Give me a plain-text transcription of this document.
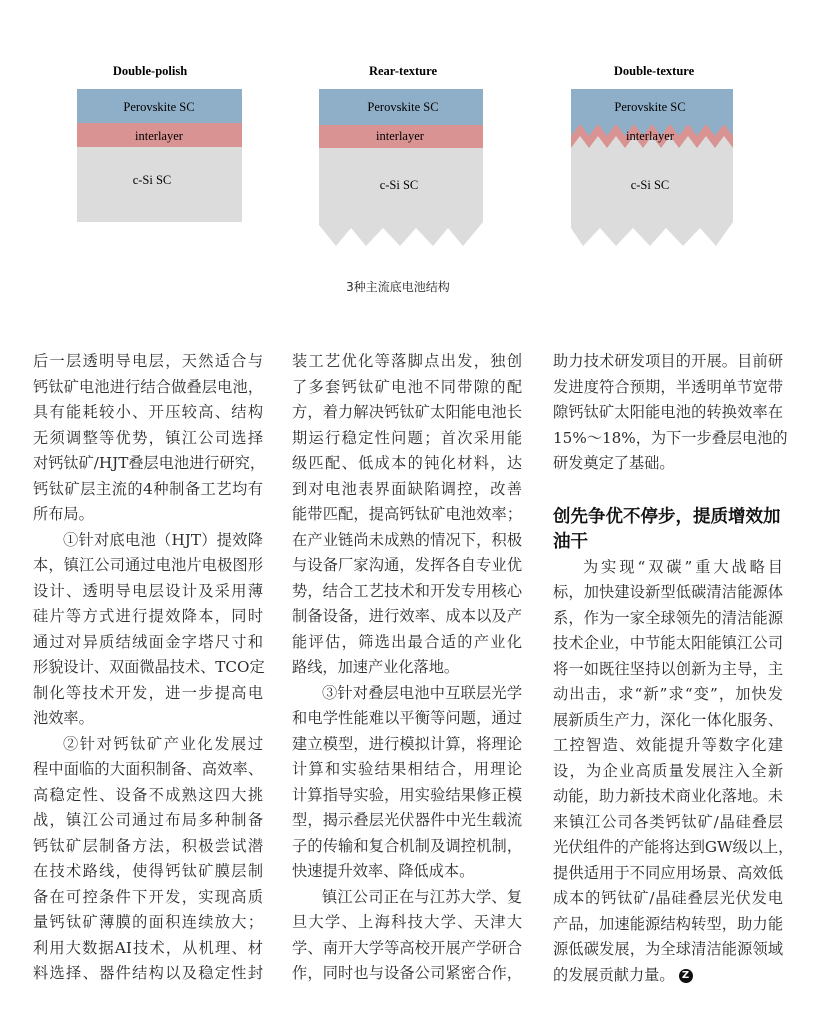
Double-polish
Perovskite SC
interlayer
c-Si SC
Rear-texture
Perovskite SC
interlayer
c-Si SC
Double-texture
Perovskite SC
interlayer
c-Si SC
3种主流底电池结构
后一层透明导电层，天然适合与
钙钛矿电池进行结合做叠层电池，
具有能耗较小、开压较高、结构
无须调整等优势，镇江公司选择
对钙钛矿/HJT叠层电池进行研究，
钙钛矿层主流的4种制备工艺均有
所布局。
①针对底电池（HJT）提效降
本，镇江公司通过电池片电极图形
设计、透明导电层设计及采用薄
硅片等方式进行提效降本，同时
通过对异质结绒面金字塔尺寸和
形貌设计、双面微晶技术、TCO定
制化等技术开发，进一步提高电
池效率。
②针对钙钛矿产业化发展过
程中面临的大面积制备、高效率、
高稳定性、设备不成熟这四大挑
战，镇江公司通过布局多种制备
钙钛矿层制备方法，积极尝试潜
在技术路线，使得钙钛矿膜层制
备在可控条件下开发，实现高质
量钙钛矿薄膜的面积连续放大；
利用大数据AI技术，从机理、材
料选择、器件结构以及稳定性封
装工艺优化等落脚点出发，独创
了多套钙钛矿电池不同带隙的配
方，着力解决钙钛矿太阳能电池长
期运行稳定性问题；首次采用能
级匹配、低成本的钝化材料，达
到对电池表界面缺陷调控，改善
能带匹配，提高钙钛矿电池效率；
在产业链尚未成熟的情况下，积极
与设备厂家沟通，发挥各自专业优
势，结合工艺技术和开发专用核心
制备设备，进行效率、成本以及产
能评估，筛选出最合适的产业化
路线，加速产业化落地。
③针对叠层电池中互联层光学
和电学性能难以平衡等问题，通过
建立模型，进行模拟计算，将理论
计算和实验结果相结合，用理论
计算指导实验，用实验结果修正模
型，揭示叠层光伏器件中光生载流
子的传输和复合机制及调控机制，
快速提升效率、降低成本。
镇江公司正在与江苏大学、复
旦大学、上海科技大学、天津大
学、南开大学等高校开展产学研合
作，同时也与设备公司紧密合作，
助力技术研发项目的开展。目前研
发进度符合预期，半透明单节宽带
隙钙钛矿太阳能电池的转换效率在
15%～18%，为下一步叠层电池的
研发奠定了基础。
创先争优不停步，提质增效加
油干
为实现“双碳”重大战略目
标，加快建设新型低碳清洁能源体
系，作为一家全球领先的清洁能源
技术企业，中节能太阳能镇江公司
将一如既往坚持以创新为主导，主
动出击，求“新”求“变”，加快发
展新质生产力，深化一体化服务、
工控智造、效能提升等数字化建
设，为企业高质量发展注入全新
动能，助力新技术商业化落地。未
来镇江公司各类钙钛矿/晶硅叠层
光伏组件的产能将达到GW级以上，
提供适用于不同应用场景、高效低
成本的钙钛矿/晶硅叠层光伏发电
产品，加速能源结构转型，助力能
源低碳发展，为全球清洁能源领域
的发展贡献力量。 Z
